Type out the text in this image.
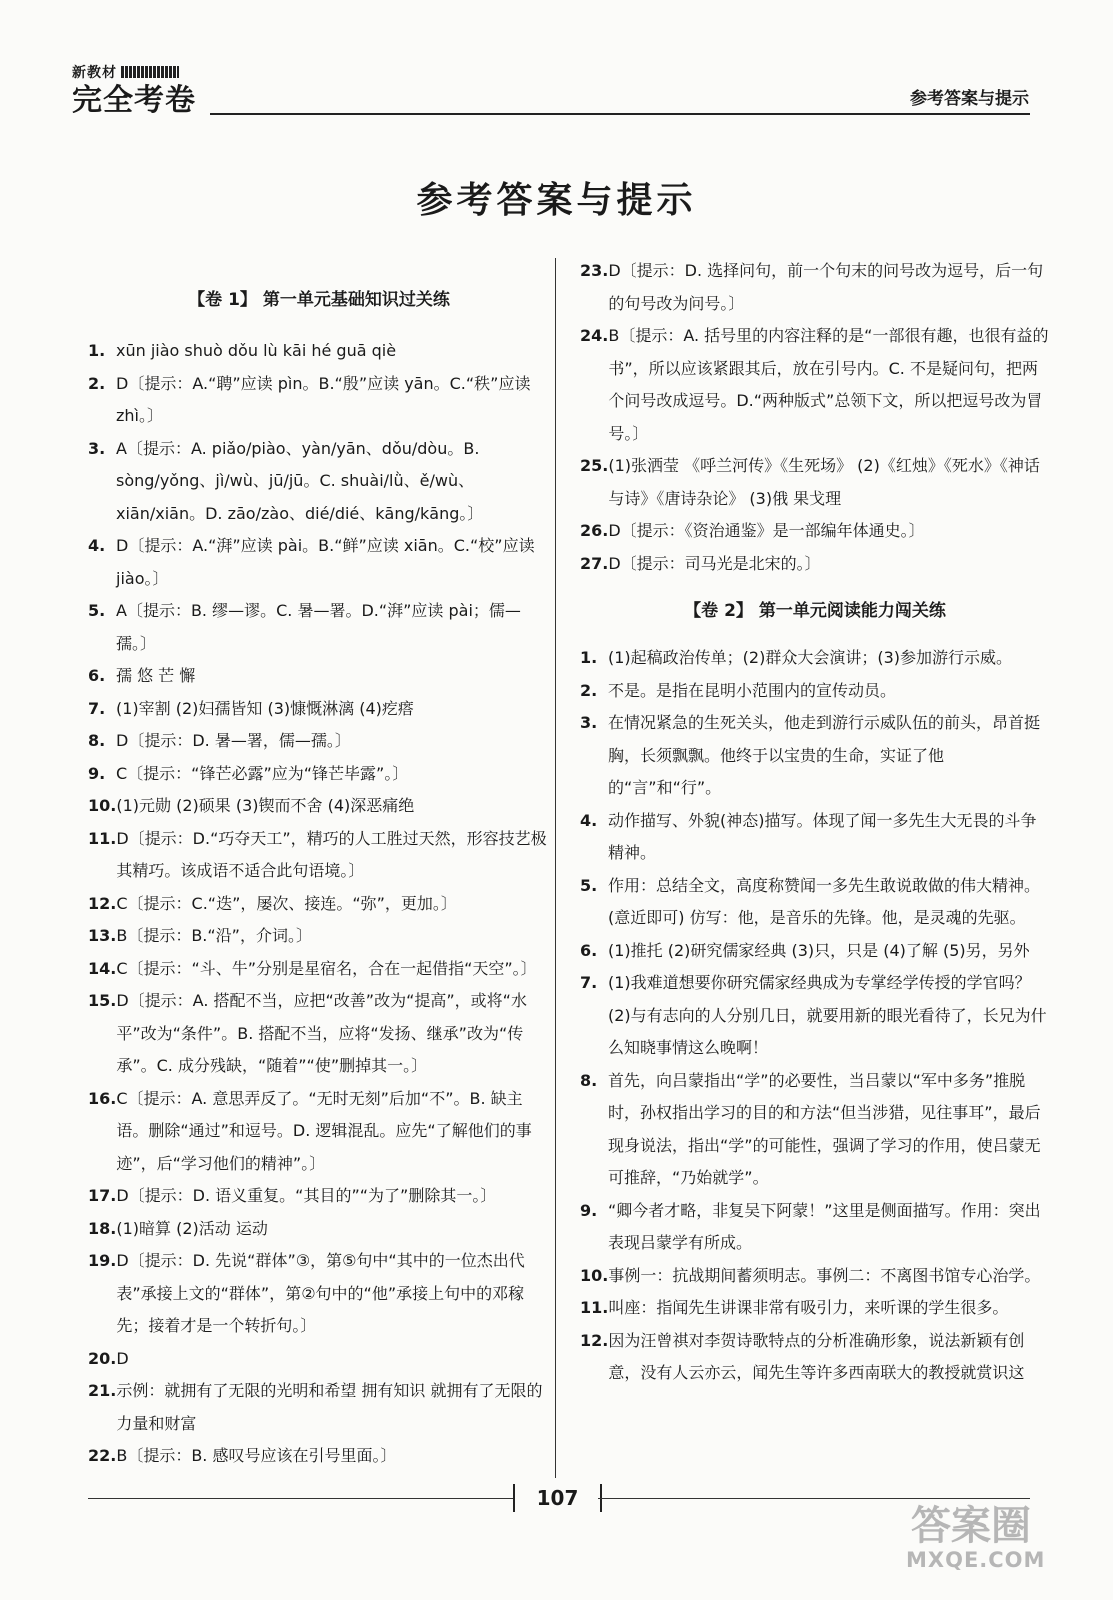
新教材
完全考卷	参考答案与提示
参考答案与提示
【卷 1】 第一单元基础知识过关练
1. xūn jiào shuò dǒu lù kāi hé guā qiè
2. D〔提示：A.“聘”应读 pìn。B.“殷”应读 yān。C.“秩”应读 zhì。〕
3. A〔提示：A. piǎo/piào、yàn/yān、dǒu/dòu。B. sòng/yǒng、jì/wù、jū/jū。C. shuài/lǜ、ě/wù、xiān/xiān。D. zāo/zào、dié/dié、kāng/kāng。〕
4. D〔提示：A.“湃”应读 pài。B.“鲜”应读 xiān。C.“校”应读 jiào。〕
5. A〔提示：B. 缪—谬。C. 暑—署。D.“湃”应读 pài；儒—孺。〕
6. 孺 悠 芒 懈
7. (1)宰割 (2)妇孺皆知 (3)慷慨淋漓 (4)疙瘩
8. D〔提示：D. 暑—署，儒—孺。〕
9. C〔提示：“锋芒必露”应为“锋芒毕露”。〕
10. (1)元勋 (2)硕果 (3)锲而不舍 (4)深恶痛绝
11. D〔提示：D.“巧夺天工”，精巧的人工胜过天然，形容技艺极其精巧。该成语不适合此句语境。〕
12. C〔提示：C.“迭”，屡次、接连。“弥”，更加。〕
13. B〔提示：B.“沿”，介词。〕
14. C〔提示：“斗、牛”分别是星宿名，合在一起借指“天空”。〕
15. D〔提示：A. 搭配不当，应把“改善”改为“提高”，或将“水平”改为“条件”。B. 搭配不当，应将“发扬、继承”改为“传承”。C. 成分残缺，“随着”“使”删掉其一。〕
16. C〔提示：A. 意思弄反了。“无时无刻”后加“不”。B. 缺主语。删除“通过”和逗号。D. 逻辑混乱。应先“了解他们的事迹”，后“学习他们的精神”。〕
17. D〔提示：D. 语义重复。“其目的”“为了”删除其一。〕
18. (1)暗算 (2)活动 运动
19. D〔提示：D. 先说“群体”③，第⑤句中“其中的一位杰出代表”承接上文的“群体”，第②句中的“他”承接上句中的邓稼先；接着才是一个转折句。〕
20. D
21. 示例：就拥有了无限的光明和希望 拥有知识 就拥有了无限的力量和财富
22. B〔提示：B. 感叹号应该在引号里面。〕
23. D〔提示：D. 选择问句，前一个句末的问号改为逗号，后一句的句号改为问号。〕
24. B〔提示：A. 括号里的内容注释的是“一部很有趣，也很有益的书”，所以应该紧跟其后，放在引号内。C. 不是疑问句，把两个问号改成逗号。D.“两种版式”总领下文，所以把逗号改为冒号。〕
25. (1)张洒莹 《呼兰河传》《生死场》 (2)《红烛》《死水》《神话与诗》《唐诗杂论》 (3)俄 果戈理
26. D〔提示：《资治通鉴》是一部编年体通史。〕
27. D〔提示：司马光是北宋的。〕
【卷 2】 第一单元阅读能力闯关练
1. (1)起稿政治传单；(2)群众大会演讲；(3)参加游行示威。
2. 不是。是指在昆明小范围内的宣传动员。
3. 在情况紧急的生死关头，他走到游行示威队伍的前头，昂首挺胸，长须飘飘。他终于以宝贵的生命，实证了他的“言”和“行”。
4. 动作描写、外貌(神态)描写。体现了闻一多先生大无畏的斗争精神。
5. 作用：总结全文，高度称赞闻一多先生敢说敢做的伟大精神。(意近即可) 仿写：他，是音乐的先锋。他，是灵魂的先驱。
6. (1)推托 (2)研究儒家经典 (3)只，只是 (4)了解 (5)另，另外
7. (1)我难道想要你研究儒家经典成为专掌经学传授的学官吗？(2)与有志向的人分别几日，就要用新的眼光看待了，长兄为什么知晓事情这么晚啊！
8. 首先，向吕蒙指出“学”的必要性，当吕蒙以“军中多务”推脱时，孙权指出学习的目的和方法“但当涉猎，见往事耳”，最后现身说法，指出“学”的可能性，强调了学习的作用，使吕蒙无可推辞，“乃始就学”。
9. “卿今者才略，非复吴下阿蒙！”这里是侧面描写。作用：突出表现吕蒙学有所成。
10. 事例一：抗战期间蓄须明志。事例二：不离图书馆专心治学。
11. 叫座：指闻先生讲课非常有吸引力，来听课的学生很多。
12. 因为汪曾祺对李贺诗歌特点的分析准确形象，说法新颖有创意，没有人云亦云，闻先生等许多西南联大的教授就赏识这
107
答案圈
MXQE.COM
